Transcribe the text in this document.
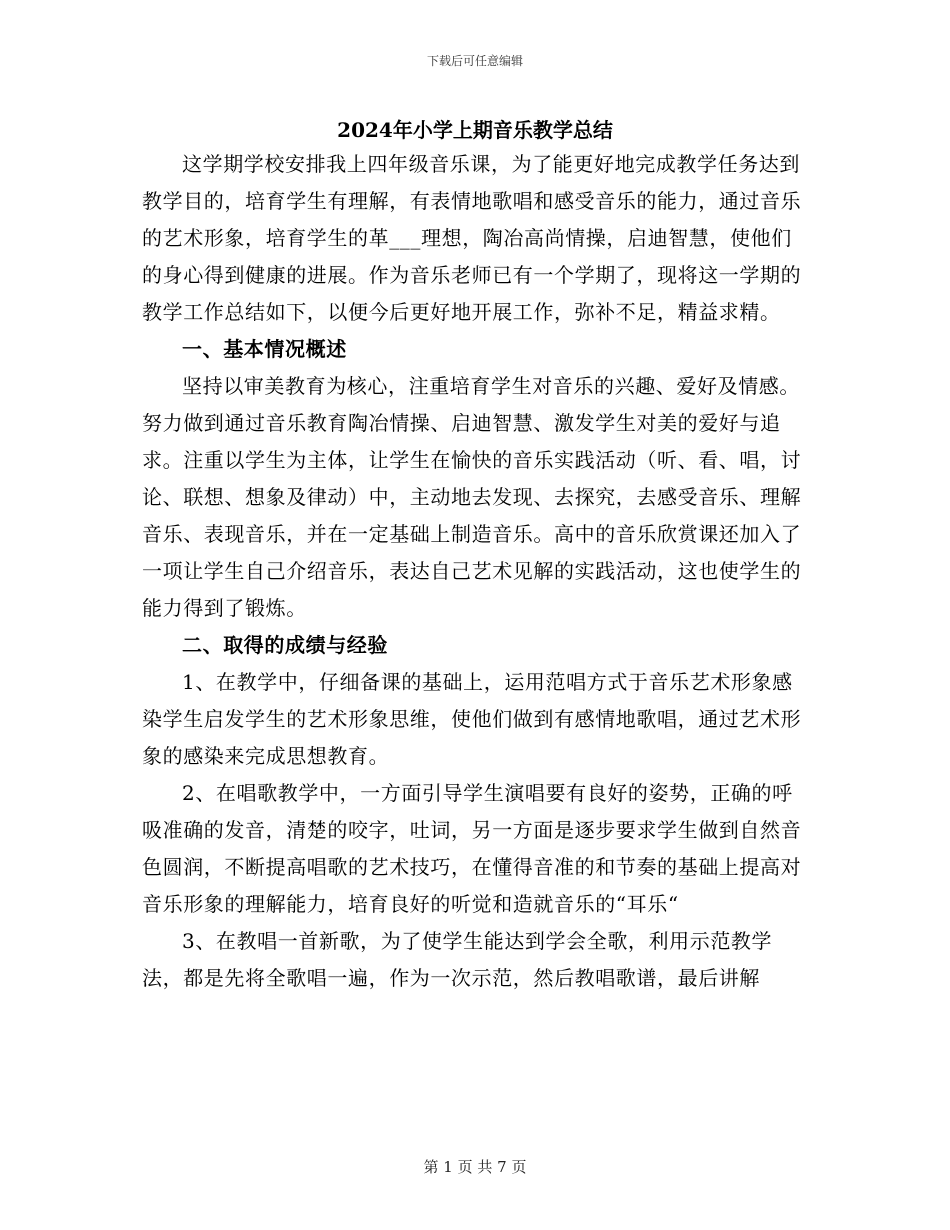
下载后可任意编辑
2024年小学上期音乐教学总结

这学期学校安排我上四年级音乐课，为了能更好地完成教学任务达到教学目的，培育学生有理解，有表情地歌唱和感受音乐的能力，通过音乐的艺术形象，培育学生的革___理想，陶冶高尚情操，启迪智慧，使他们的身心得到健康的进展。作为音乐老师已有一个学期了，现将这一学期的教学工作总结如下，以便今后更好地开展工作，弥补不足，精益求精。

一、基本情况概述

坚持以审美教育为核心，注重培育学生对音乐的兴趣、爱好及情感。努力做到通过音乐教育陶冶情操、启迪智慧、激发学生对美的爱好与追求。注重以学生为主体，让学生在愉快的音乐实践活动（听、看、唱，讨论、联想、想象及律动）中，主动地去发现、去探究，去感受音乐、理解音乐、表现音乐，并在一定基础上制造音乐。高中的音乐欣赏课还加入了一项让学生自己介绍音乐，表达自己艺术见解的实践活动，这也使学生的能力得到了锻炼。

二、取得的成绩与经验

1、在教学中，仔细备课的基础上，运用范唱方式于音乐艺术形象感染学生启发学生的艺术形象思维，使他们做到有感情地歌唱，通过艺术形象的感染来完成思想教育。

2、在唱歌教学中，一方面引导学生演唱要有良好的姿势，正确的呼吸准确的发音，清楚的咬字，吐词，另一方面是逐步要求学生做到自然音色圆润，不断提高唱歌的艺术技巧，在懂得音准的和节奏的基础上提高对音乐形象的理解能力，培育良好的听觉和造就音乐的“耳乐“

3、在教唱一首新歌，为了使学生能达到学会全歌，利用示范教学法，都是先将全歌唱一遍，作为一次示范，然后教唱歌谱，最后讲解

第 1 页 共 7 页
